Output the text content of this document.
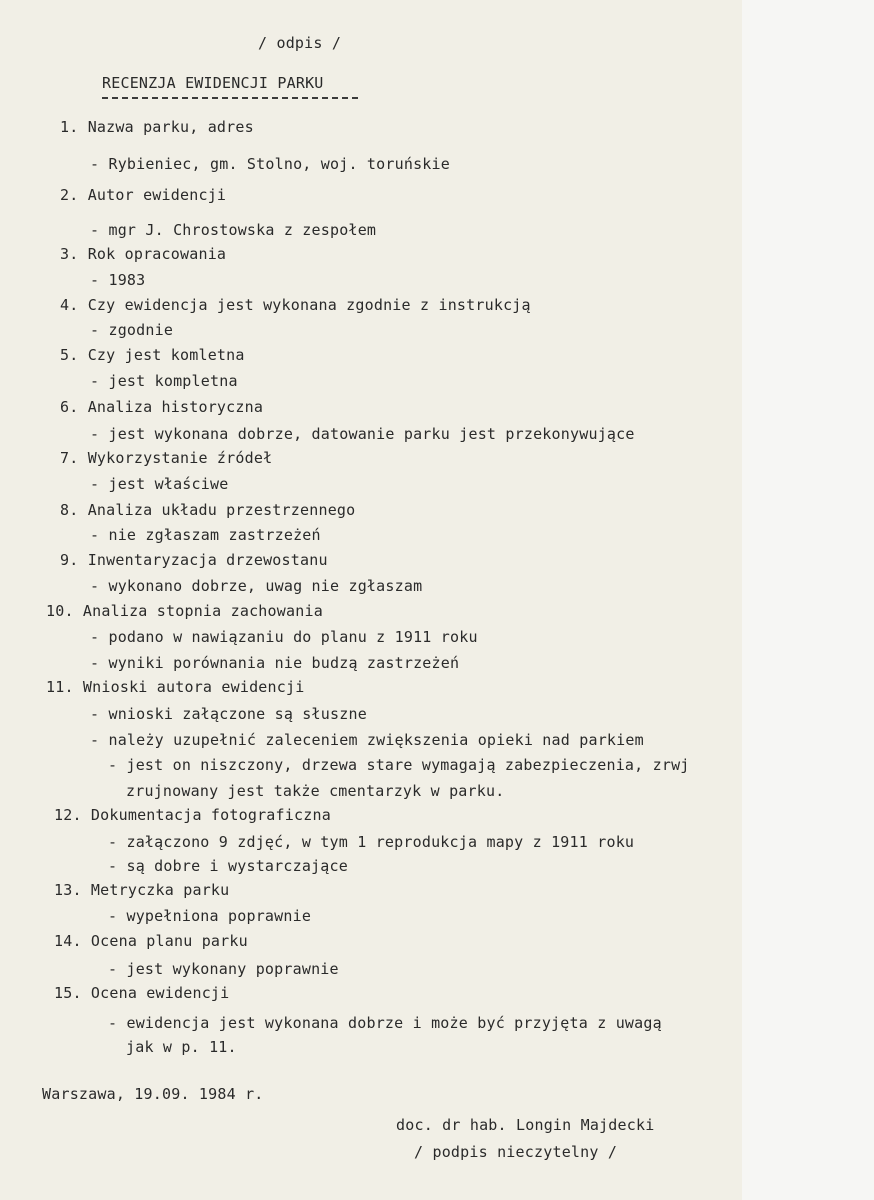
/ odpis /
RECENZJA EWIDENCJI PARKU
1. Nazwa parku, adres
- Rybieniec, gm. Stolno, woj. toruńskie
2. Autor ewidencji
- mgr J. Chrostowska z zespołem
3. Rok opracowania
- 1983
4. Czy ewidencja jest wykonana zgodnie z instrukcją
- zgodnie
5. Czy jest komletna
- jest kompletna
6. Analiza historyczna
- jest wykonana dobrze, datowanie parku jest przekonywujące
7. Wykorzystanie źródeł
- jest właściwe
8. Analiza układu przestrzennego
- nie zgłaszam zastrzeżeń
9. Inwentaryzacja drzewostanu
- wykonano dobrze, uwag nie zgłaszam
10. Analiza stopnia zachowania
- podano w nawiązaniu do planu z 1911 roku
- wyniki porównania nie budzą zastrzeżeń
11. Wnioski autora ewidencji
- wnioski załączone są słuszne
- należy uzupełnić zaleceniem zwiększenia opieki nad parkiem
- jest on niszczony, drzewa stare wymagają zabezpieczenia, zrwj
zrujnowany jest także cmentarzyk w parku.
12. Dokumentacja fotograficzna
- załączono 9 zdjęć, w tym 1 reprodukcja mapy z 1911 roku
- są dobre i wystarczające
13. Metryczka parku
- wypełniona poprawnie
14. Ocena planu parku
- jest wykonany poprawnie
15. Ocena ewidencji
- ewidencja jest wykonana dobrze i może być przyjęta z uwagą
jak w p. 11.
Warszawa, 19.09. 1984 r.
doc. dr hab. Longin Majdecki
/ podpis nieczytelny /
